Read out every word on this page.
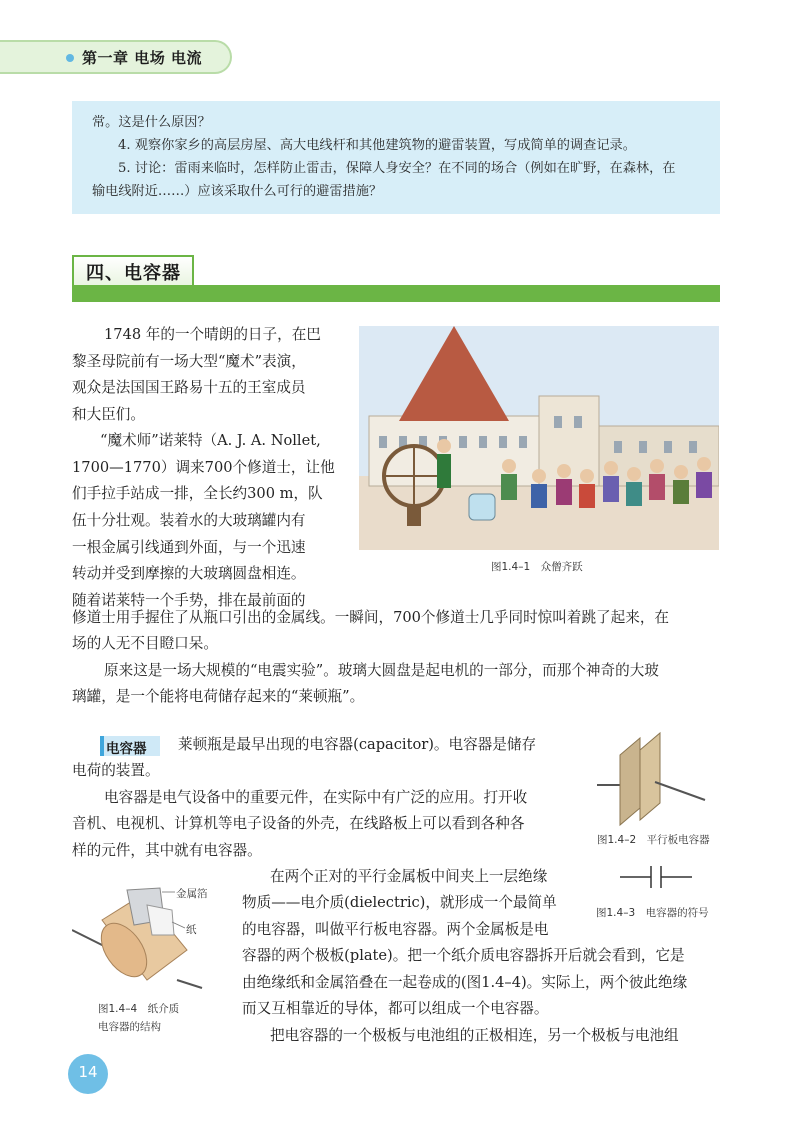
第一章 电场 电流
常。这是什么原因？
4. 观察你家乡的高层房屋、高大电线杆和其他建筑物的避雷装置，写成简单的调查记录。
5. 讨论：雷雨来临时，怎样防止雷击，保障人身安全？在不同的场合（例如在旷野，在森林，在
输电线附近……）应该采取什么可行的避雷措施？
四、电容器
1748 年的一个晴朗的日子，在巴
黎圣母院前有一场大型“魔术”表演，
观众是法国国王路易十五的王室成员
和大臣们。
“魔术师”诺莱特（A. J. A. Nollet,
1700—1770）调来700个修道士，让他
们手拉手站成一排，全长约300 m，队
伍十分壮观。装着水的大玻璃罐内有
一根金属引线通到外面，与一个迅速
转动并受到摩擦的大玻璃圆盘相连。
随着诺莱特一个手势，排在最前面的
修道士用手握住了从瓶口引出的金属线。一瞬间，700个修道士几乎同时惊叫着跳了起来，在
场的人无不目瞪口呆。
原来这是一场大规模的“电震实验”。玻璃大圆盘是起电机的一部分，而那个神奇的大玻
璃罐，是一个能将电荷储存起来的“莱顿瓶”。
图1.4–1　众僧齐跃
电容器 莱顿瓶是最早出现的电容器(capacitor)。电容器是储存
电荷的装置。
电容器是电气设备中的重要元件，在实际中有广泛的应用。打开收
音机、电视机、计算机等电子设备的外壳，在线路板上可以看到各种各
样的元件，其中就有电容器。
在两个正对的平行金属板中间夹上一层绝缘
物质——电介质(dielectric)，就形成一个最简单
的电容器，叫做平行板电容器。两个金属板是电
容器的两个极板(plate)。把一个纸介质电容器拆开后就会看到，它是
由绝缘纸和金属箔叠在一起卷成的(图1.4–4)。实际上，两个彼此绝缘
而又互相靠近的导体，都可以组成一个电容器。
把电容器的一个极板与电池组的正极相连，另一个极板与电池组
图1.4–2　平行板电容器
图1.4–3　电容器的符号
金属箔
纸
图1.4–4　纸介质
电容器的结构
14
